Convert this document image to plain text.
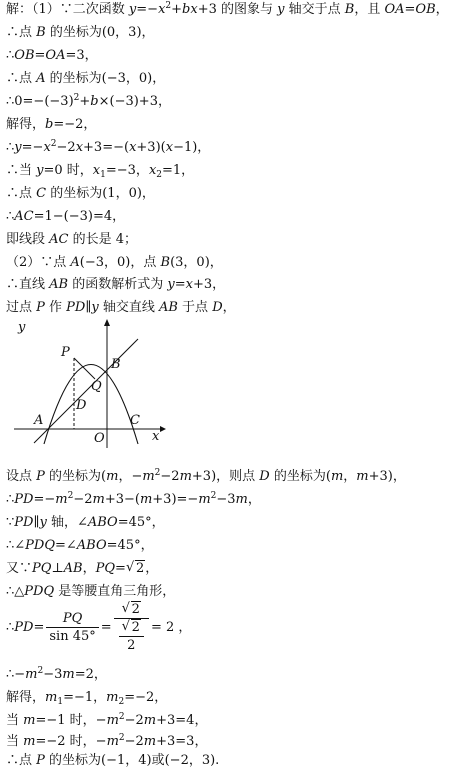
解：（1）∵二次函数 $y=-x^2+bx+3$ 的图象与 y 轴交于点 B，且 OA=OB，
∴点 B 的坐标为(0，3)，
∴OB=OA=3，
∴点 A 的坐标为(−3，0)，
$\therefore 0=-(-3)^2+b\times(-3)+3$，
解得，b=−2，
$\therefore y=-x^2-2x+3=-(x+3)(x-1)$，
∴当 y=0 时，$x_1=-3$，$x_2=1$，
∴点 C 的坐标为(1，0)，
∴AC=1−(−3)=4，
即线段 AC 的长是 4；
（2）∵点 A(−3，0)，点 B(3，0)，
∴直线 AB 的函数解析式为 y=x+3，
过点 P 作 PD∥y 轴交直线 AB 于点 D，
y
x
P
Q
B
D
A	C
O
设点 P 的坐标为(m，$-m^2-2m+3$)，则点 D 的坐标为(m，m+3)，
$\therefore PD=-m^2-2m+3-(m+3)=-m^2-3m$，
∵PD∥y 轴，∠ABO=45°，
∴∠PDQ=∠ABO=45°，
又∵PQ⊥AB，PQ= √ 2，
∴△PDQ 是等腰直角三角形，
∴PD= $\frac{PQ}{\sin 45^\circ}$ = √ 2
√ $\frac{2}{2} = 2$ ，
$\therefore-m^2-3m=2$，
解得，$m_1=-1$，$m_2=-2$，
当 m=−1 时，$-m^2-2m+3=4$，
当 m=−2 时，$-m^2-2m+3=3$，
∴点 P 的坐标为(−1，4)或(−2，3).
